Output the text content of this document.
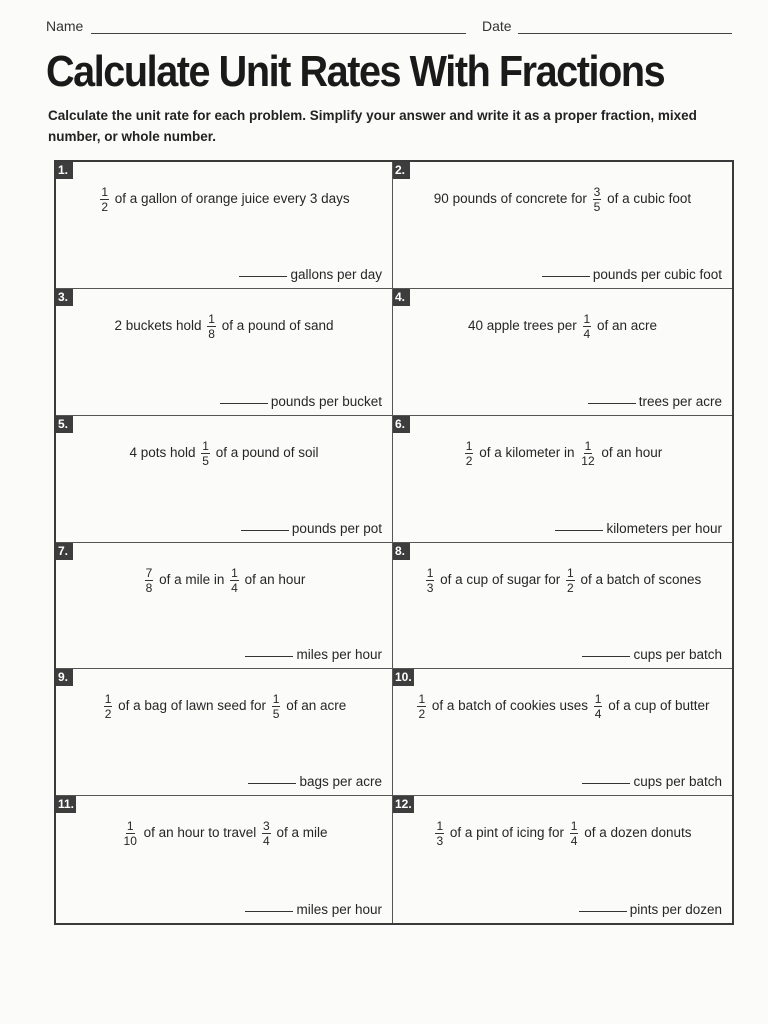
Name	Date
Calculate Unit Rates With Fractions
Calculate the unit rate for each problem. Simplify your answer and write it as a proper fraction, mixed number, or whole number.
1.
$\frac{1}{2}$ of a gallon of orange juice every 3 days
gallons per day
2.
90 pounds of concrete for $\frac{3}{5}$ of a cubic foot
pounds per cubic foot
3.
2 buckets hold $\frac{1}{8}$ of a pound of sand
pounds per bucket
4.
40 apple trees per $\frac{1}{4}$ of an acre
trees per acre
5.
4 pots hold $\frac{1}{5}$ of a pound of soil
pounds per pot
6.
$\frac{1}{2}$ of a kilometer in $\frac{1}{12}$ of an hour
kilometers per hour
7.
$\frac{7}{8}$ of a mile in $\frac{1}{4}$ of an hour
miles per hour
8.
$\frac{1}{3}$ of a cup of sugar for $\frac{1}{2}$ of a batch of scones
cups per batch
9.
$\frac{1}{2}$ of a bag of lawn seed for $\frac{1}{5}$ of an acre
bags per acre
10.
$\frac{1}{2}$ of a batch of cookies uses $\frac{1}{4}$ of a cup of butter
cups per batch
11.
$\frac{1}{10}$ of an hour to travel $\frac{3}{4}$ of a mile
miles per hour
12.
$\frac{1}{3}$ of a pint of icing for $\frac{1}{4}$ of a dozen donuts
pints per dozen
